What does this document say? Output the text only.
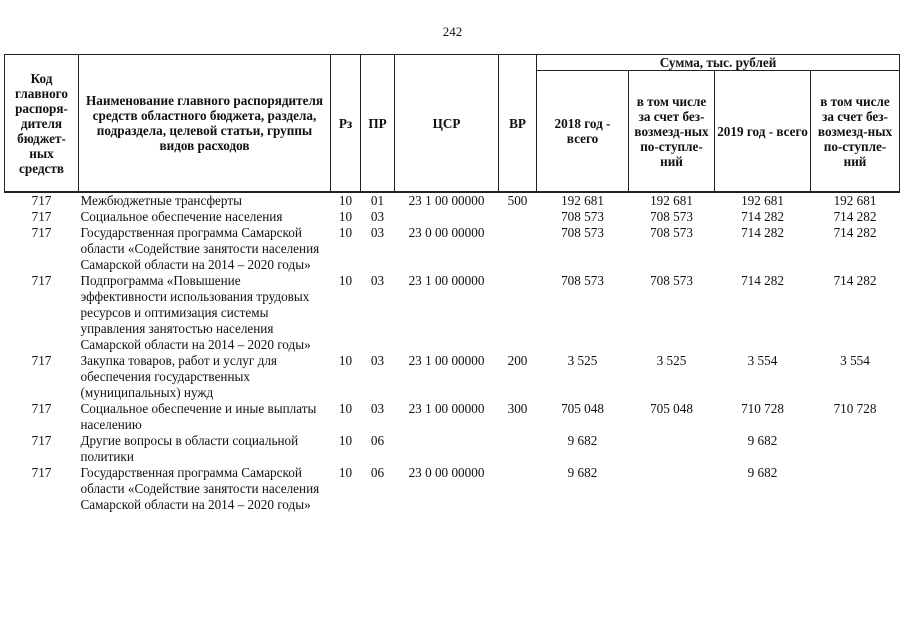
242
Код главного распоря-дителя бюджет-ных средств	Наименование главного распорядителя средств областного бюджета, раздела, подраздела, целевой статьи, группы видов расходов	Рз	ПР	ЦСР	ВР	Сумма, тыс. рублей			
						2018 год - всего	в том числе за счет без-возмезд-ных по-ступле-ний	2019 год - всего	в том числе за счет без-возмезд-ных по-ступле-ний
717	Межбюджетные трансферты	10	01	23 1 00 00000	500	192 681	192 681	192 681	192 681
717	Социальное обеспечение населения	10	03			708 573	708 573	714 282	714 282
717	Государственная программа Самарской области «Содействие занятости населения Самарской области на 2014 – 2020 годы»	10	03	23 0 00 00000		708 573	708 573	714 282	714 282
717	Подпрограмма «Повышение эффективности использования трудовых ресурсов и оптимизация системы управления занятостью населения Самарской области на 2014 – 2020 годы»	10	03	23 1 00 00000		708 573	708 573	714 282	714 282
717	Закупка товаров, работ и услуг для обеспечения государственных (муниципальных) нужд	10	03	23 1 00 00000	200	3 525	3 525	3 554	3 554
717	Социальное обеспечение и иные выплаты населению	10	03	23 1 00 00000	300	705 048	705 048	710 728	710 728
717	Другие вопросы в области социальной политики	10	06			9 682		9 682	
717	Государственная программа Самарской области «Содействие занятости населения Самарской области на 2014 – 2020 годы»	10	06	23 0 00 00000		9 682		9 682	
